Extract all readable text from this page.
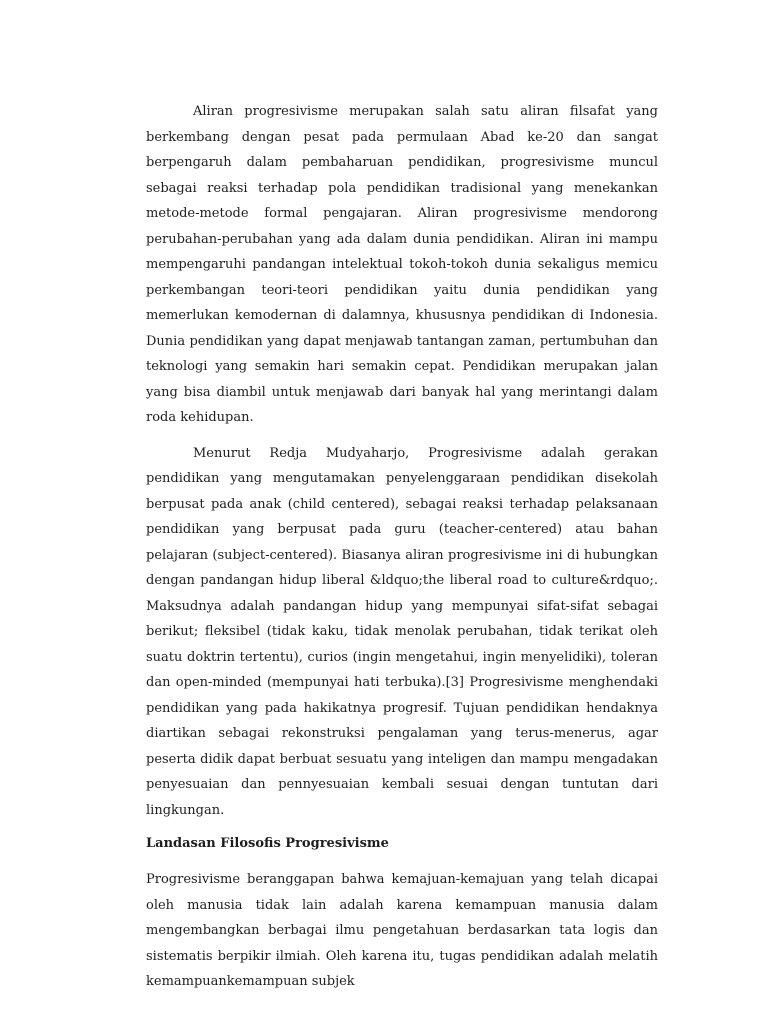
Aliran progresivisme merupakan salah satu aliran filsafat yang berkembang dengan pesat pada permulaan Abad ke-20 dan sangat berpengaruh dalam pembaharuan pendidikan, progresivisme muncul sebagai reaksi terhadap pola pendidikan tradisional yang menekankan metode-metode formal pengajaran. Aliran progresivisme mendorong perubahan-perubahan yang ada dalam dunia pendidikan. Aliran ini mampu mempengaruhi pandangan intelektual tokoh-tokoh dunia sekaligus memicu perkembangan teori-teori pendidikan yaitu dunia pendidikan yang memerlukan kemodernan di dalamnya, khususnya pendidikan di Indonesia. Dunia pendidikan yang dapat menjawab tantangan zaman, pertumbuhan dan teknologi yang semakin hari semakin cepat. Pendidikan merupakan jalan yang bisa diambil untuk menjawab dari banyak hal yang merintangi dalam roda kehidupan.

Menurut Redja Mudyaharjo, Progresivisme adalah gerakan pendidikan yang mengutamakan penyelenggaraan pendidikan disekolah berpusat pada anak (child centered), sebagai reaksi terhadap pelaksanaan pendidikan yang berpusat pada guru (teacher-centered) atau bahan pelajaran (subject-centered). Biasanya aliran progresivisme ini di hubungkan dengan pandangan hidup liberal &ldquo;the liberal road to culture&rdquo;. Maksudnya adalah pandangan hidup yang mempunyai sifat-sifat sebagai berikut; fleksibel (tidak kaku, tidak menolak perubahan, tidak terikat oleh suatu doktrin tertentu), curios (ingin mengetahui, ingin menyelidiki), toleran dan open-minded (mempunyai hati terbuka).[3] Progresivisme menghendaki pendidikan yang pada hakikatnya progresif. Tujuan pendidikan hendaknya diartikan sebagai rekonstruksi pengalaman yang terus-menerus, agar peserta didik dapat berbuat sesuatu yang inteligen dan mampu mengadakan penyesuaian dan pennyesuaian kembali sesuai dengan tuntutan dari lingkungan.

Landasan Filosofis Progresivisme

Progresivisme beranggapan bahwa kemajuan-kemajuan yang telah dicapai oleh manusia tidak lain adalah karena kemampuan manusia dalam mengembangkan berbagai ilmu pengetahuan berdasarkan tata logis dan sistematis berpikir ilmiah. Oleh karena itu, tugas pendidikan adalah melatih kemampuankemampuan subjek
